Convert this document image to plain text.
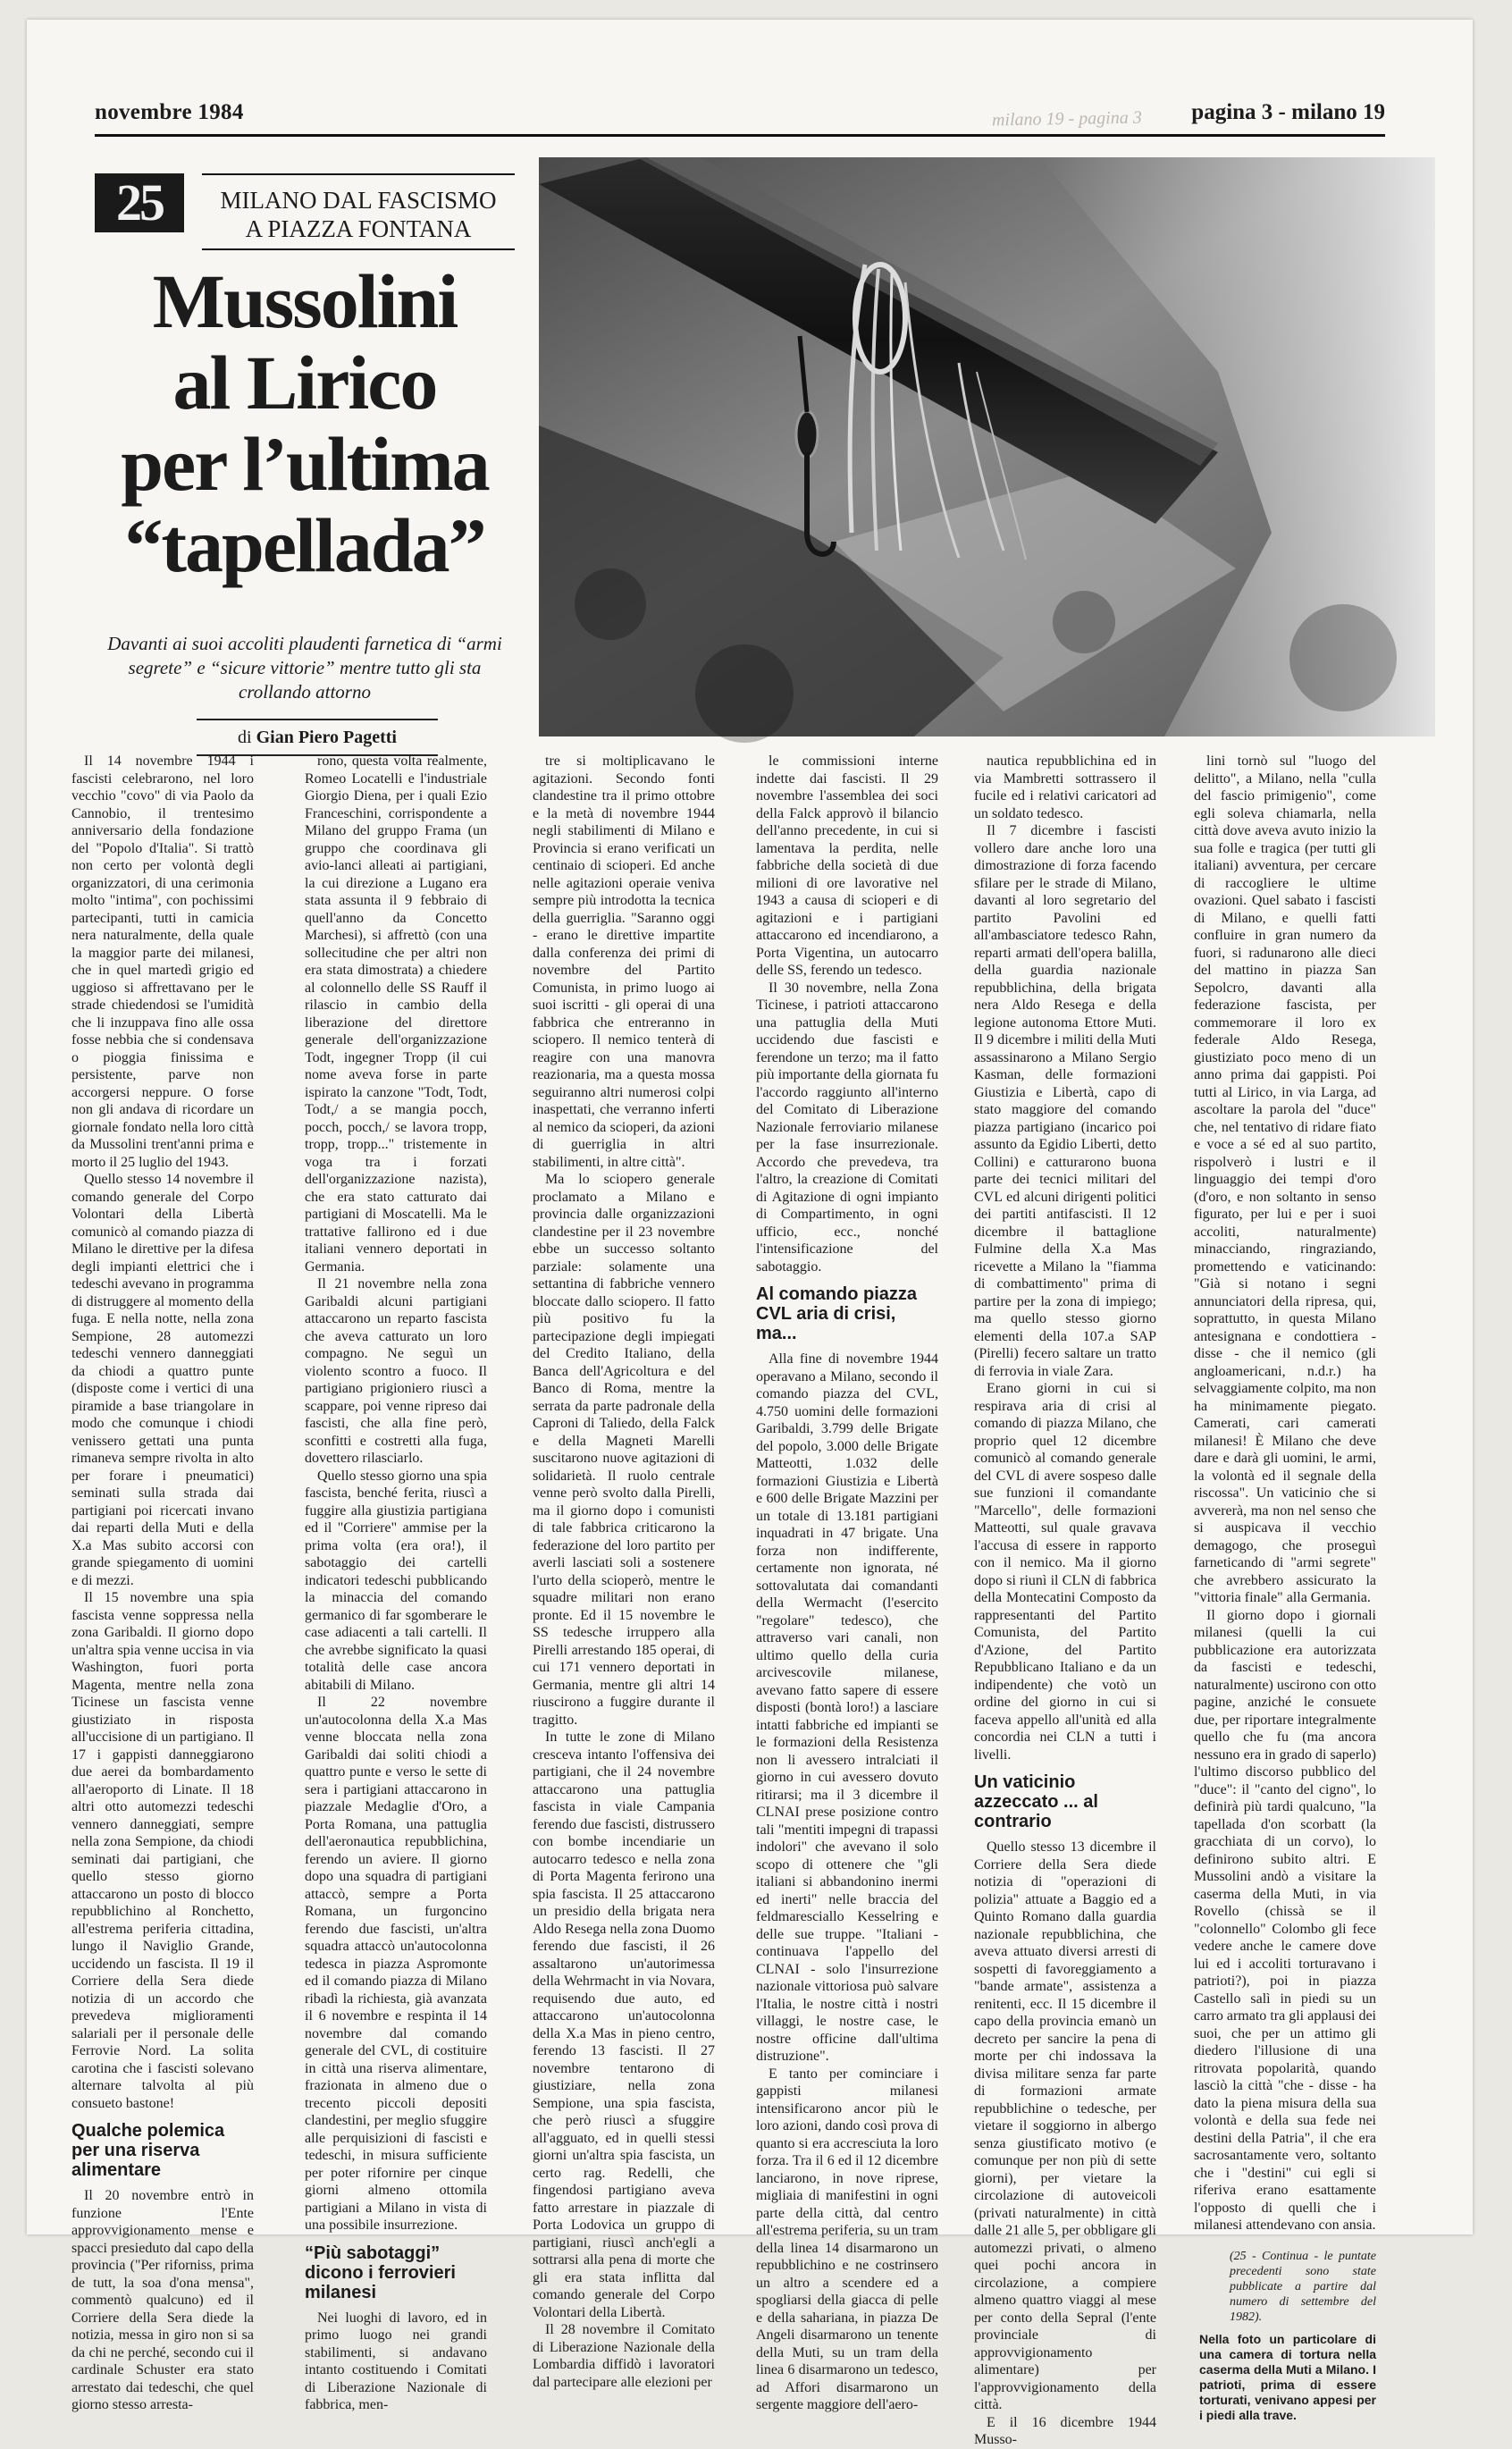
milano 19 - pagina 3
novembre 1984	pagina 3 - milano 19
25	MILANO DAL FASCISMO
A PIAZZA FONTANA
Mussolini
al Lirico
per l’ultima
“tapellada”
Davanti ai suoi accoliti plaudenti farnetica di “armi segrete” e “sicure vittorie” mentre tutto gli sta crollando attorno
di Gian Piero Pagetti

Il 14 novembre 1944 i fascisti celebrarono, nel loro vecchio "covo" di via Paolo da Cannobio, il trentesimo anniversario della fondazione del "Popolo d'Italia". Si trattò non certo per volontà degli organizzatori, di una cerimonia molto "intima", con pochissimi partecipanti, tutti in camicia nera naturalmente, della quale la maggior parte dei milanesi, che in quel martedì grigio ed uggioso si affrettavano per le strade chiedendosi se l'umidità che li inzuppava fino alle ossa fosse nebbia che si condensava o pioggia finissima e persistente, parve non accorgersi neppure. O forse non gli andava di ricordare un giornale fondato nella loro città da Mussolini trent'anni prima e morto il 25 luglio del 1943.

Quello stesso 14 novembre il comando generale del Corpo Volontari della Libertà comunicò al comando piazza di Milano le direttive per la difesa degli impianti elettrici che i tedeschi avevano in programma di distruggere al momento della fuga. E nella notte, nella zona Sempione, 28 automezzi tedeschi vennero danneggiati da chiodi a quattro punte (disposte come i vertici di una piramide a base triangolare in modo che comunque i chiodi venissero gettati una punta rimaneva sempre rivolta in alto per forare i pneumatici) seminati sulla strada dai partigiani poi ricercati invano dai reparti della Muti e della X.a Mas subito accorsi con grande spiegamento di uomini e di mezzi.

Il 15 novembre una spia fascista venne soppressa nella zona Garibaldi. Il giorno dopo un'altra spia venne uccisa in via Washington, fuori porta Magenta, mentre nella zona Ticinese un fascista venne giustiziato in risposta all'uccisione di un partigiano. Il 17 i gappisti danneggiarono due aerei da bombardamento all'aeroporto di Linate. Il 18 altri otto automezzi tedeschi vennero danneggiati, sempre nella zona Sempione, da chiodi seminati dai partigiani, che quello stesso giorno attaccarono un posto di blocco repubblichino al Ronchetto, all'estrema periferia cittadina, lungo il Naviglio Grande, uccidendo un fascista. Il 19 il Corriere della Sera diede notizia di un accordo che prevedeva miglioramenti salariali per il personale delle Ferrovie Nord. La solita carotina che i fascisti solevano alternare talvolta al più consueto bastone!

Qualche polemica per una riserva alimentare

Il 20 novembre entrò in funzione l'Ente approvvigionamento mense e spacci presieduto dal capo della provincia ("Per riforniss, prima de tutt, la soa d'ona mensa", commentò qualcuno) ed il Corriere della Sera diede la notizia, messa in giro non si sa da chi ne perché, secondo cui il cardinale Schuster era stato arrestato dai tedeschi, che quel giorno stesso arresta-

rono, questa volta realmente, Romeo Locatelli e l'industriale Giorgio Diena, per i quali Ezio Franceschini, corrispondente a Milano del gruppo Frama (un gruppo che coordinava gli avio-lanci alleati ai partigiani, la cui direzione a Lugano era stata assunta il 9 febbraio di quell'anno da Concetto Marchesi), si affrettò (con una sollecitudine che per altri non era stata dimostrata) a chiedere al colonnello delle SS Rauff il rilascio in cambio della liberazione del direttore generale dell'organizzazione Todt, ingegner Tropp (il cui nome aveva forse in parte ispirato la canzone "Todt, Todt, Todt,/ a se mangia pocch, pocch, pocch,/ se lavora tropp, tropp, tropp..." tristemente in voga tra i forzati dell'organizzazione nazista), che era stato catturato dai partigiani di Moscatelli. Ma le trattative fallirono ed i due italiani vennero deportati in Germania.

Il 21 novembre nella zona Garibaldi alcuni partigiani attaccarono un reparto fascista che aveva catturato un loro compagno. Ne seguì un violento scontro a fuoco. Il partigiano prigioniero riuscì a scappare, poi venne ripreso dai fascisti, che alla fine però, sconfitti e costretti alla fuga, dovettero rilasciarlo.

Quello stesso giorno una spia fascista, benché ferita, riuscì a fuggire alla giustizia partigiana ed il "Corriere" ammise per la prima volta (era ora!), il sabotaggio dei cartelli indicatori tedeschi pubblicando la minaccia del comando germanico di far sgomberare le case adiacenti a tali cartelli. Il che avrebbe significato la quasi totalità delle case ancora abitabili di Milano.

Il 22 novembre un'autocolonna della X.a Mas venne bloccata nella zona Garibaldi dai soliti chiodi a quattro punte e verso le sette di sera i partigiani attaccarono in piazzale Medaglie d'Oro, a Porta Romana, una pattuglia dell'aeronautica repubblichina, ferendo un aviere. Il giorno dopo una squadra di partigiani attaccò, sempre a Porta Romana, un furgoncino ferendo due fascisti, un'altra squadra attaccò un'autocolonna tedesca in piazza Aspromonte ed il comando piazza di Milano ribadì la richiesta, già avanzata il 6 novembre e respinta il 14 novembre dal comando generale del CVL, di costituire in città una riserva alimentare, frazionata in almeno due o trecento piccoli depositi clandestini, per meglio sfuggire alle perquisizioni di fascisti e tedeschi, in misura sufficiente per poter rifornire per cinque giorni almeno ottomila partigiani a Milano in vista di una possibile insurrezione.

“Più sabotaggi” dicono i ferrovieri milanesi

Nei luoghi di lavoro, ed in primo luogo nei grandi stabilimenti, si andavano intanto costituendo i Comitati di Liberazione Nazionale di fabbrica, men-

tre si moltiplicavano le agitazioni. Secondo fonti clandestine tra il primo ottobre e la metà di novembre 1944 negli stabilimenti di Milano e Provincia si erano verificati un centinaio di scioperi. Ed anche nelle agitazioni operaie veniva sempre più introdotta la tecnica della guerriglia. "Saranno oggi - erano le direttive impartite dalla conferenza dei primi di novembre del Partito Comunista, in primo luogo ai suoi iscritti - gli operai di una fabbrica che entreranno in sciopero. Il nemico tenterà di reagire con una manovra reazionaria, ma a questa mossa seguiranno altri numerosi colpi inaspettati, che verranno inferti al nemico da scioperi, da azioni di guerriglia in altri stabilimenti, in altre città".

Ma lo sciopero generale proclamato a Milano e provincia dalle organizzazioni clandestine per il 23 novembre ebbe un successo soltanto parziale: solamente una settantina di fabbriche vennero bloccate dallo sciopero. Il fatto più positivo fu la partecipazione degli impiegati del Credito Italiano, della Banca dell'Agricoltura e del Banco di Roma, mentre la serrata da parte padronale della Caproni di Taliedo, della Falck e della Magneti Marelli suscitarono nuove agitazioni di solidarietà. Il ruolo centrale venne però svolto dalla Pirelli, ma il giorno dopo i comunisti di tale fabbrica criticarono la federazione del loro partito per averli lasciati soli a sostenere l'urto della scioperò, mentre le squadre militari non erano pronte. Ed il 15 novembre le SS tedesche irruppero alla Pirelli arrestando 185 operai, di cui 171 vennero deportati in Germania, mentre gli altri 14 riuscirono a fuggire durante il tragitto.

In tutte le zone di Milano cresceva intanto l'offensiva dei partigiani, che il 24 novembre attaccarono una pattuglia fascista in viale Campania ferendo due fascisti, distrussero con bombe incendiarie un autocarro tedesco e nella zona di Porta Magenta ferirono una spia fascista. Il 25 attaccarono un presidio della brigata nera Aldo Resega nella zona Duomo ferendo due fascisti, il 26 assaltarono un'autorimessa della Wehrmacht in via Novara, requisendo due auto, ed attaccarono un'autocolonna della X.a Mas in pieno centro, ferendo 13 fascisti. Il 27 novembre tentarono di giustiziare, nella zona Sempione, una spia fascista, che però riuscì a sfuggire all'agguato, ed in quelli stessi giorni un'altra spia fascista, un certo rag. Redelli, che fingendosi partigiano aveva fatto arrestare in piazzale di Porta Lodovica un gruppo di partigiani, riuscì anch'egli a sottrarsi alla pena di morte che gli era stata inflitta dal comando generale del Corpo Volontari della Libertà.

Il 28 novembre il Comitato di Liberazione Nazionale della Lombardia diffidò i lavoratori dal partecipare alle elezioni per

le commissioni interne indette dai fascisti. Il 29 novembre l'assemblea dei soci della Falck approvò il bilancio dell'anno precedente, in cui si lamentava la perdita, nelle fabbriche della società di due milioni di ore lavorative nel 1943 a causa di scioperi e di agitazioni e i partigiani attaccarono ed incendiarono, a Porta Vigentina, un autocarro delle SS, ferendo un tedesco.

Il 30 novembre, nella Zona Ticinese, i patrioti attaccarono una pattuglia della Muti uccidendo due fascisti e ferendone un terzo; ma il fatto più importante della giornata fu l'accordo raggiunto all'interno del Comitato di Liberazione Nazionale ferroviario milanese per la fase insurrezionale. Accordo che prevedeva, tra l'altro, la creazione di Comitati di Agitazione di ogni impianto di Compartimento, in ogni ufficio, ecc., nonché l'intensificazione del sabotaggio.

Al comando piazza CVL aria di crisi, ma...

Alla fine di novembre 1944 operavano a Milano, secondo il comando piazza del CVL, 4.750 uomini delle formazioni Garibaldi, 3.799 delle Brigate del popolo, 3.000 delle Brigate Matteotti, 1.032 delle formazioni Giustizia e Libertà e 600 delle Brigate Mazzini per un totale di 13.181 partigiani inquadrati in 47 brigate. Una forza non indifferente, certamente non ignorata, né sottovalutata dai comandanti della Wermacht (l'esercito "regolare" tedesco), che attraverso vari canali, non ultimo quello della curia arcivescovile milanese, avevano fatto sapere di essere disposti (bontà loro!) a lasciare intatti fabbriche ed impianti se le formazioni della Resistenza non li avessero intralciati il giorno in cui avessero dovuto ritirarsi; ma il 3 dicembre il CLNAI prese posizione contro tali "mentiti impegni di trapassi indolori" che avevano il solo scopo di ottenere che "gli italiani si abbandonino inermi ed inerti" nelle braccia del feldmaresciallo Kesselring e delle sue truppe. "Italiani - continuava l'appello del CLNAI - solo l'insurrezione nazionale vittoriosa può salvare l'Italia, le nostre città i nostri villaggi, le nostre case, le nostre officine dall'ultima distruzione".

E tanto per cominciare i gappisti milanesi intensificarono ancor più le loro azioni, dando così prova di quanto si era accresciuta la loro forza. Tra il 6 ed il 12 dicembre lanciarono, in nove riprese, migliaia di manifestini in ogni parte della città, dal centro all'estrema periferia, su un tram della linea 14 disarmarono un repubblichino e ne costrinsero un altro a scendere ed a spogliarsi della giacca di pelle e della sahariana, in piazza De Angeli disarmarono un tenente della Muti, su un tram della linea 6 disarmarono un tedesco, ad Affori disarmarono un sergente maggiore dell'aero-

nautica repubblichina ed in via Mambretti sottrassero il fucile ed i relativi caricatori ad un soldato tedesco.

Il 7 dicembre i fascisti vollero dare anche loro una dimostrazione di forza facendo sfilare per le strade di Milano, davanti al loro segretario del partito Pavolini ed all'ambasciatore tedesco Rahn, reparti armati dell'opera balilla, della guardia nazionale repubblichina, della brigata nera Aldo Resega e della legione autonoma Ettore Muti. Il 9 dicembre i militi della Muti assassinarono a Milano Sergio Kasman, delle formazioni Giustizia e Libertà, capo di stato maggiore del comando piazza partigiano (incarico poi assunto da Egidio Liberti, detto Collini) e catturarono buona parte dei tecnici militari del CVL ed alcuni dirigenti politici dei partiti antifascisti. Il 12 dicembre il battaglione Fulmine della X.a Mas ricevette a Milano la "fiamma di combattimento" prima di partire per la zona di impiego; ma quello stesso giorno elementi della 107.a SAP (Pirelli) fecero saltare un tratto di ferrovia in viale Zara.

Erano giorni in cui si respirava aria di crisi al comando di piazza Milano, che proprio quel 12 dicembre comunicò al comando generale del CVL di avere sospeso dalle sue funzioni il comandante "Marcello", delle formazioni Matteotti, sul quale gravava l'accusa di essere in rapporto con il nemico. Ma il giorno dopo si riunì il CLN di fabbrica della Montecatini Composto da rappresentanti del Partito Comunista, del Partito d'Azione, del Partito Repubblicano Italiano e da un indipendente) che votò un ordine del giorno in cui si faceva appello all'unità ed alla concordia nei CLN a tutti i livelli.

Un vaticinio azzeccato ... al contrario

Quello stesso 13 dicembre il Corriere della Sera diede notizia di "operazioni di polizia" attuate a Baggio ed a Quinto Romano dalla guardia nazionale repubblichina, che aveva attuato diversi arresti di sospetti di favoreggiamento a "bande armate", assistenza a renitenti, ecc. Il 15 dicembre il capo della provincia emanò un decreto per sancire la pena di morte per chi indossava la divisa militare senza far parte di formazioni armate repubblichine o tedesche, per vietare il soggiorno in albergo senza giustificato motivo (e comunque per non più di sette giorni), per vietare la circolazione di autoveicoli (privati naturalmente) in città dalle 21 alle 5, per obbligare gli automezzi privati, o almeno quei pochi ancora in circolazione, a compiere almeno quattro viaggi al mese per conto della Sepral (l'ente provinciale di approvvigionamento alimentare) per l'approvvigionamento della città.

E il 16 dicembre 1944 Musso-

lini tornò sul "luogo del delitto", a Milano, nella "culla del fascio primigenio", come egli soleva chiamarla, nella città dove aveva avuto inizio la sua folle e tragica (per tutti gli italiani) avventura, per cercare di raccogliere le ultime ovazioni. Quel sabato i fascisti di Milano, e quelli fatti confluire in gran numero da fuori, si radunarono alle dieci del mattino in piazza San Sepolcro, davanti alla federazione fascista, per commemorare il loro ex federale Aldo Resega, giustiziato poco meno di un anno prima dai gappisti. Poi tutti al Lirico, in via Larga, ad ascoltare la parola del "duce" che, nel tentativo di ridare fiato e voce a sé ed al suo partito, rispolverò i lustri e il linguaggio dei tempi d'oro (d'oro, e non soltanto in senso figurato, per lui e per i suoi accoliti, naturalmente) minacciando, ringraziando, promettendo e vaticinando: "Già si notano i segni annunciatori della ripresa, qui, soprattutto, in questa Milano antesignana e condottiera - disse - che il nemico (gli angloamericani, n.d.r.) ha selvaggiamente colpito, ma non ha minimamente piegato. Camerati, cari camerati milanesi! È Milano che deve dare e darà gli uomini, le armi, la volontà ed il segnale della riscossa". Un vaticinio che si avvererà, ma non nel senso che si auspicava il vecchio demagogo, che proseguì farneticando di "armi segrete" che avrebbero assicurato la "vittoria finale" alla Germania.

Il giorno dopo i giornali milanesi (quelli la cui pubblicazione era autorizzata da fascisti e tedeschi, naturalmente) uscirono con otto pagine, anziché le consuete due, per riportare integralmente quello che fu (ma ancora nessuno era in grado di saperlo) l'ultimo discorso pubblico del "duce": il "canto del cigno", lo definirà più tardi qualcuno, "la tapellada d'on scorbatt (la gracchiata di un corvo), lo definirono subito altri. E Mussolini andò a visitare la caserma della Muti, in via Rovello (chissà se il "colonnello" Colombo gli fece vedere anche le camere dove lui ed i accoliti torturavano i patrioti?), poi in piazza Castello salì in piedi su un carro armato tra gli applausi dei suoi, che per un attimo gli diedero l'illusione di una ritrovata popolarità, quando lasciò la città "che - disse - ha dato la piena misura della sua volontà e della sua fede nei destini della Patria", il che era sacrosantamente vero, soltanto che i "destini" cui egli si riferiva erano esattamente l'opposto di quelli che i milanesi attendevano con ansia.

(25 - Continua - le puntate precedenti sono state pubblicate a partire dal numero di settembre del 1982).
Nella foto un particolare di una camera di tortura nella caserma della Muti a Milano. I patrioti, prima di essere torturati, venivano appesi per i piedi alla trave.
